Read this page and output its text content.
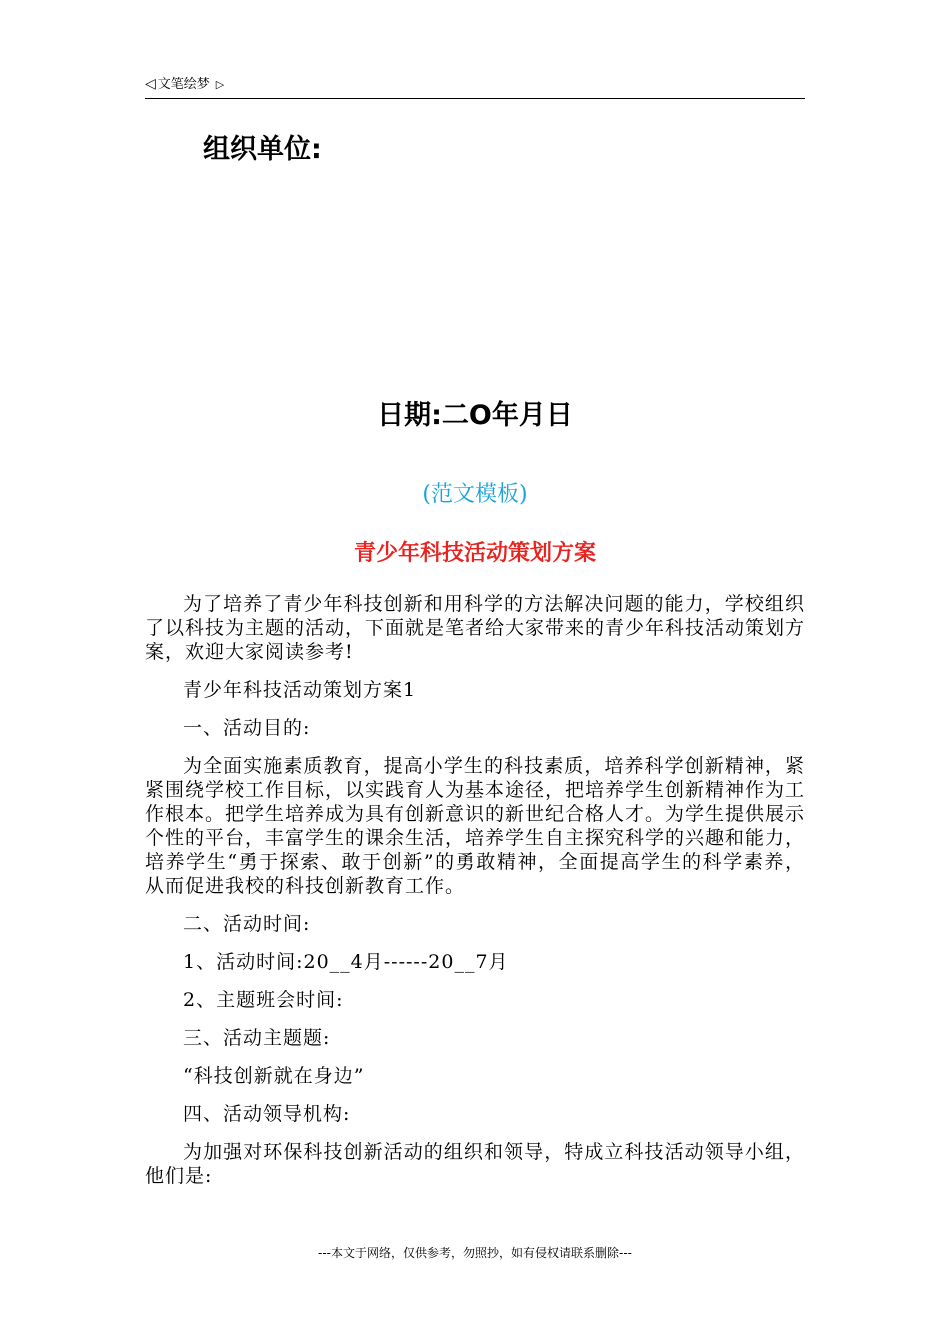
◁ 文笔绘梦 ▷
组织单位:
日期:二O年月日
(范文模板)
青少年科技活动策划方案

为了培养了青少年科技创新和用科学的方法解决问题的能力，学校组织了以科技为主题的活动，下面就是笔者给大家带来的青少年科技活动策划方案，欢迎大家阅读参考!

青少年科技活动策划方案1

一、活动目的:

为全面实施素质教育，提高小学生的科技素质，培养科学创新精神，紧紧围绕学校工作目标，以实践育人为基本途径，把培养学生创新精神作为工作根本。把学生培养成为具有创新意识的新世纪合格人才。为学生提供展示个性的平台，丰富学生的课余生活，培养学生自主探究科学的兴趣和能力，培养学生“勇于探索、敢于创新”的勇敢精神，全面提高学生的科学素养，从而促进我校的科技创新教育工作。

二、活动时间:

1、活动时间:20__4月------20__7月

2、主题班会时间:

三、活动主题题:

“科技创新就在身边”

四、活动领导机构:

为加强对环保科技创新活动的组织和领导，特成立科技活动领导小组，他们是:

---本文于网络，仅供参考，勿照抄，如有侵权请联系删除---
